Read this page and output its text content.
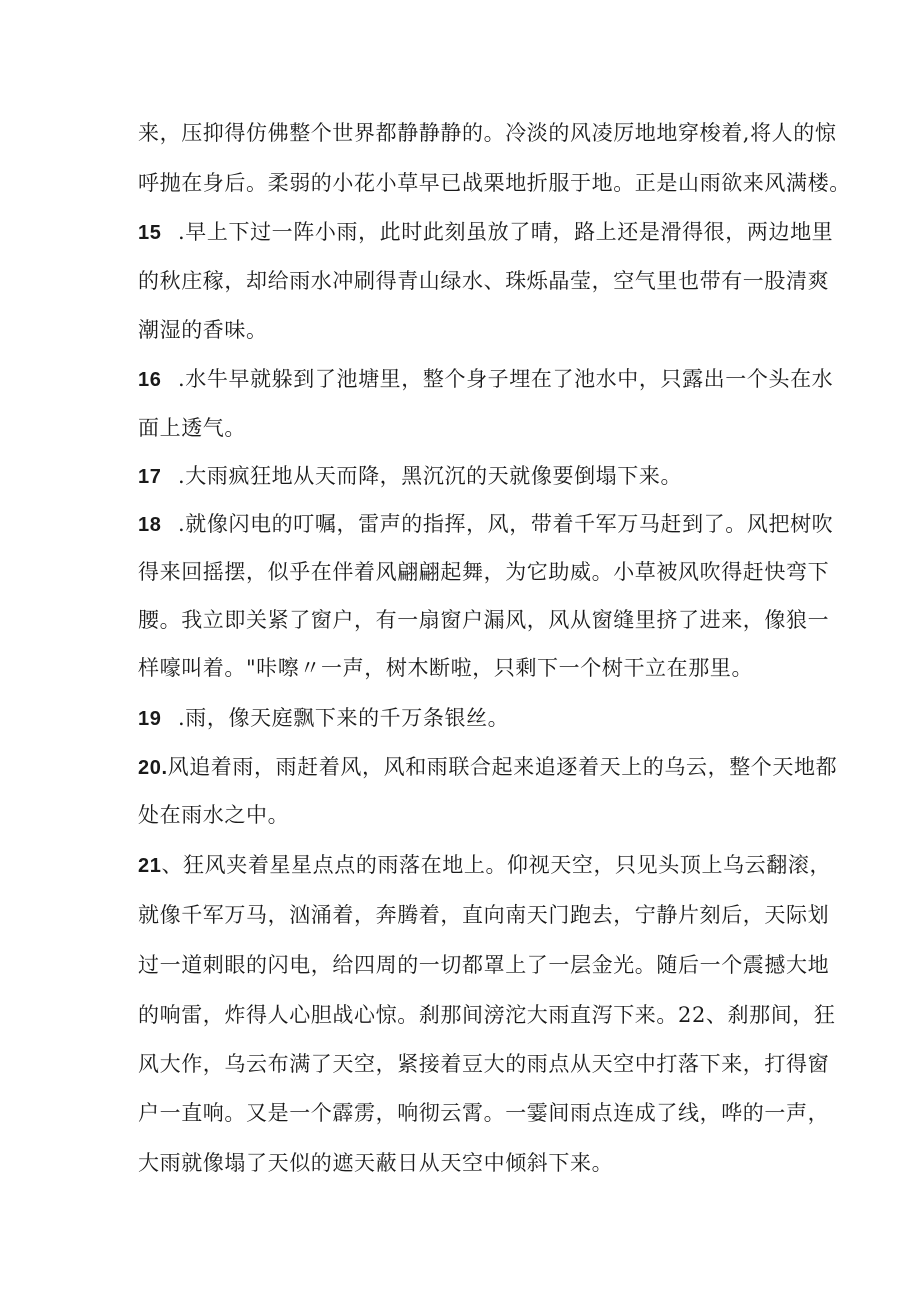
来，压抑得仿佛整个世界都静静静的。冷淡的风凌厉地地穿梭着,将人的惊
呼抛在身后。柔弱的小花小草早已战栗地折服于地。正是山雨欲来风满楼。
15 .早上下过一阵小雨，此时此刻虽放了晴，路上还是滑得很，两边地里
的秋庄稼，却给雨水冲刷得青山绿水、珠烁晶莹，空气里也带有一股清爽
潮湿的香味。
16 .水牛早就躲到了池塘里，整个身子埋在了池水中，只露出一个头在水
面上透气。
17 .大雨疯狂地从天而降，黑沉沉的天就像要倒塌下来。
18 .就像闪电的叮嘱，雷声的指挥，风，带着千军万马赶到了。风把树吹
得来回摇摆，似乎在伴着风翩翩起舞，为它助威。小草被风吹得赶快弯下
腰。我立即关紧了窗户，有一扇窗户漏风，风从窗缝里挤了进来，像狼一
样嚎叫着。"咔嚓〃一声，树木断啦，只剩下一个树干立在那里。
19 .雨，像天庭飘下来的千万条银丝。
20.风追着雨，雨赶着风，风和雨联合起来追逐着天上的乌云，整个天地都
处在雨水之中。
21、狂风夹着星星点点的雨落在地上。仰视天空，只见头顶上乌云翻滚，
就像千军万马，汹涌着，奔腾着，直向南天门跑去，宁静片刻后，天际划
过一道刺眼的闪电，给四周的一切都罩上了一层金光。随后一个震撼大地
的响雷，炸得人心胆战心惊。刹那间滂沱大雨直泻下来。22、刹那间，狂
风大作，乌云布满了天空，紧接着豆大的雨点从天空中打落下来，打得窗
户一直响。又是一个霹雳，响彻云霄。一霎间雨点连成了线，哗的一声，
大雨就像塌了天似的遮天蔽日从天空中倾斜下来。
